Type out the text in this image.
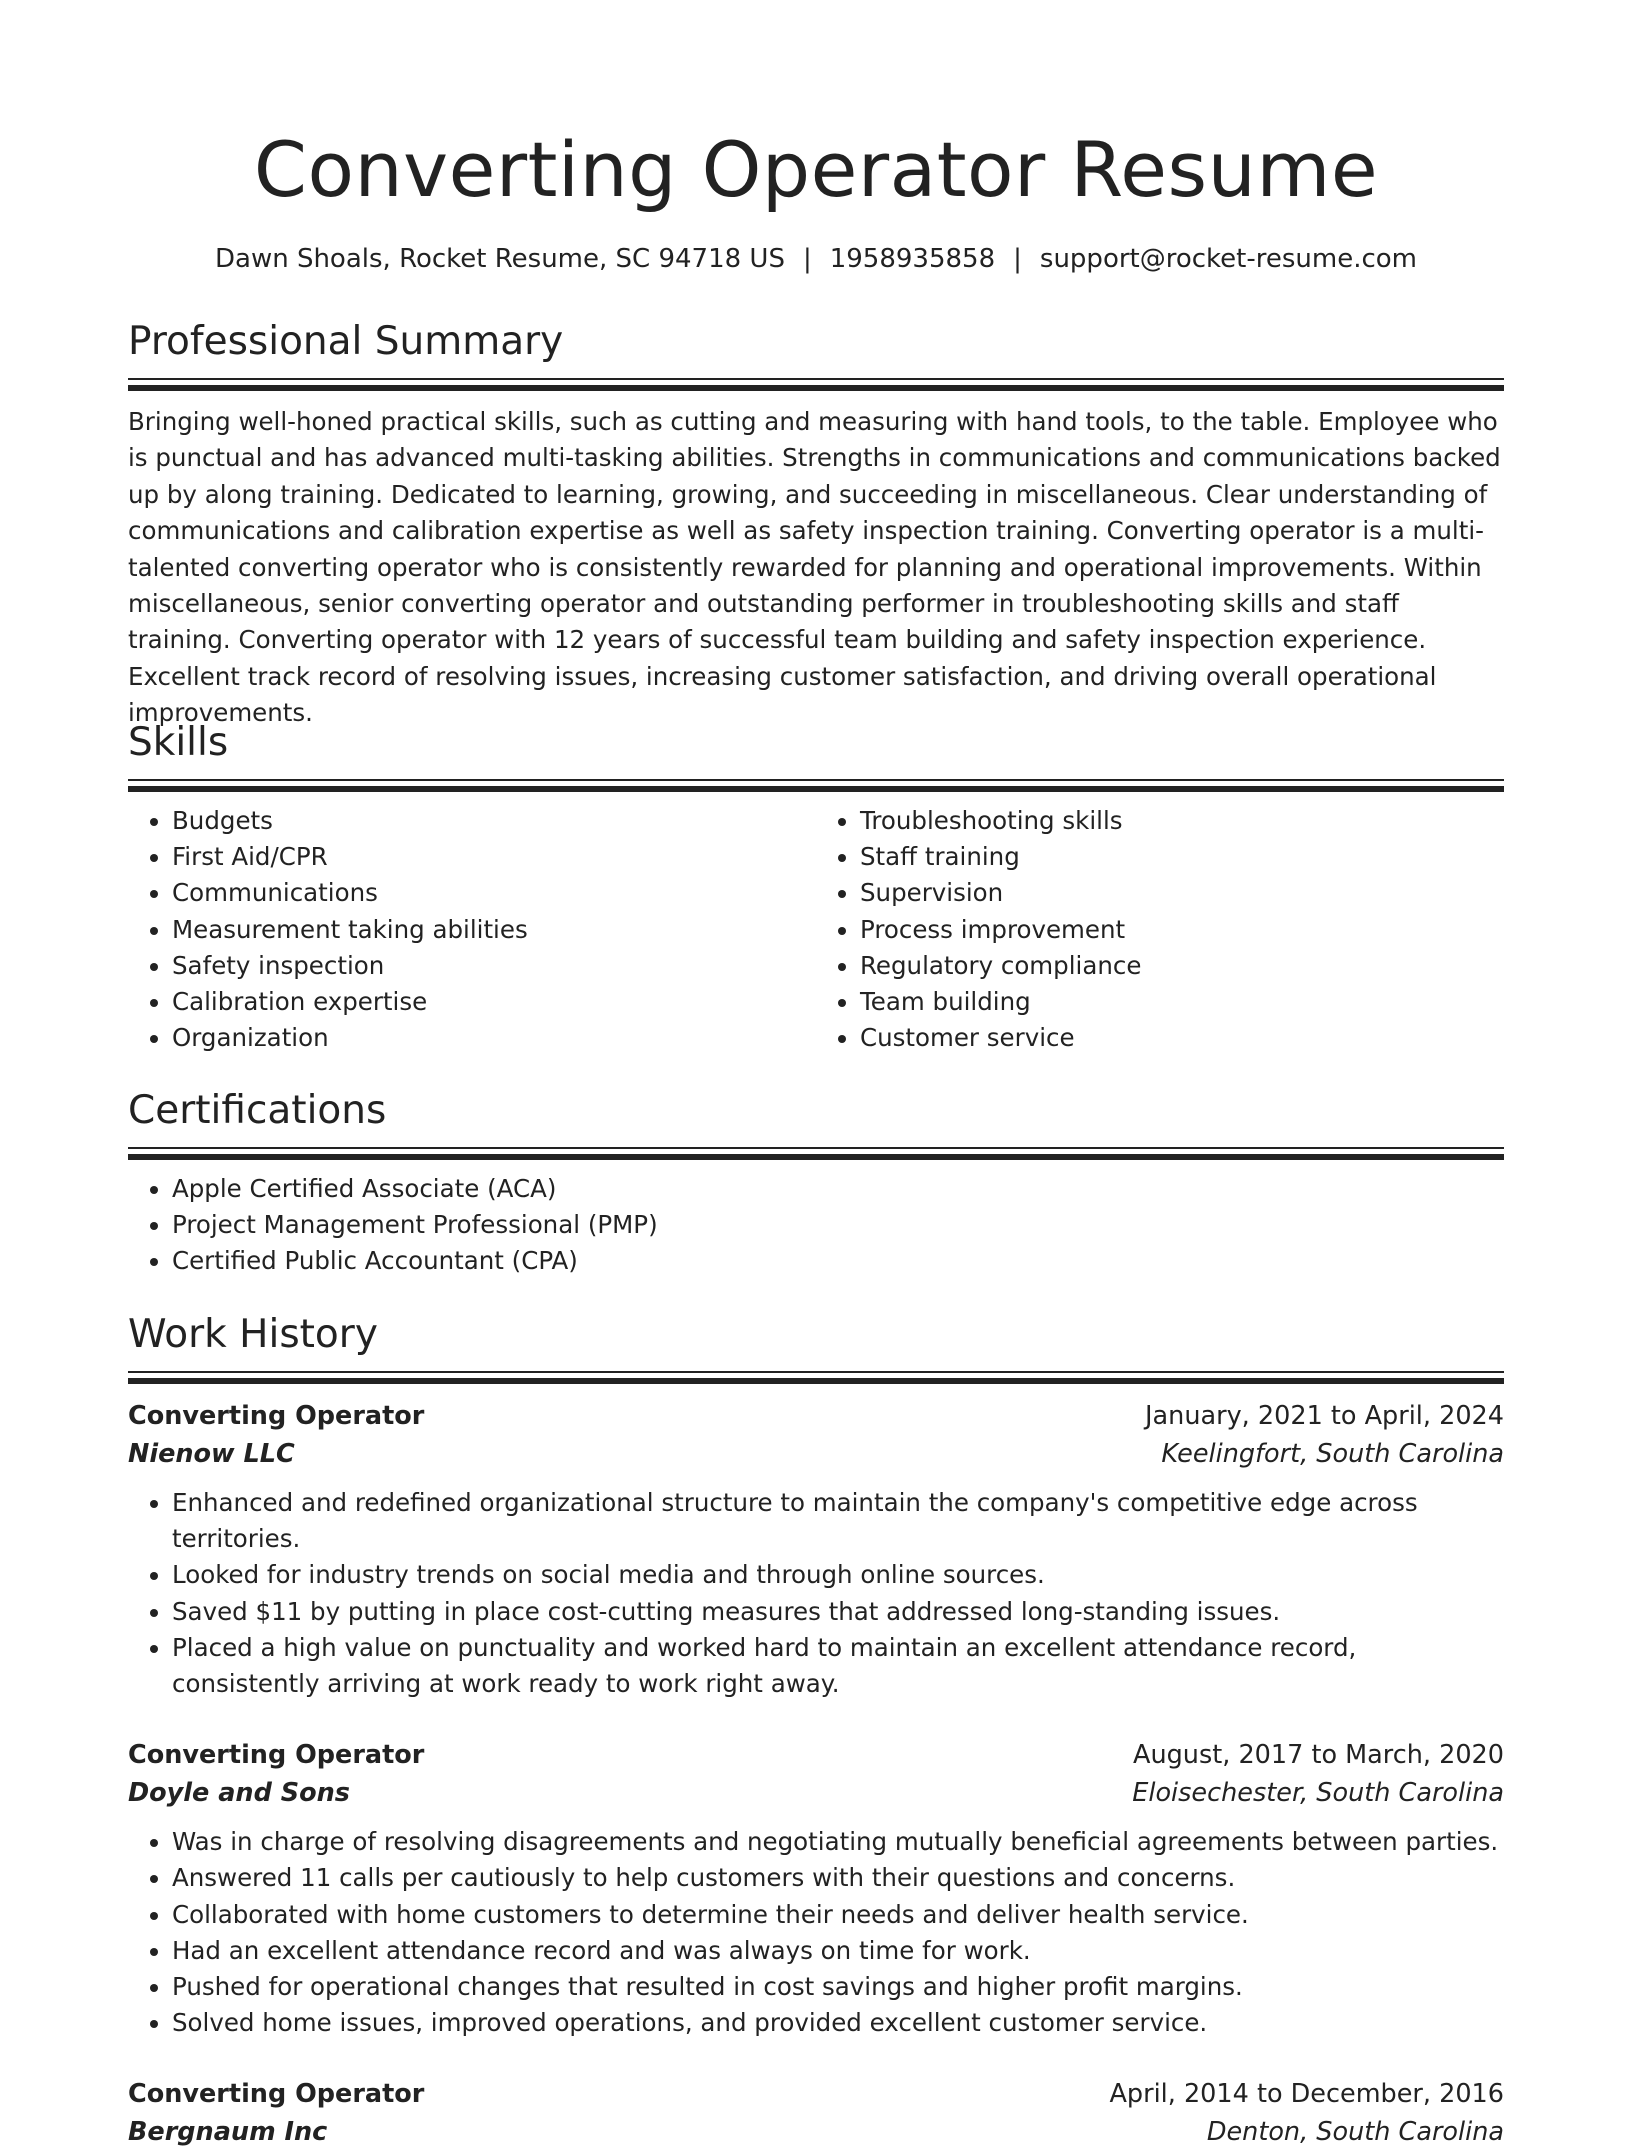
Converting Operator Resume
Dawn Shoals, Rocket Resume, SC 94718 US | 1958935858 | support@rocket-resume.com
Professional Summary
Bringing well-honed practical skills, such as cutting and measuring with hand tools, to the table. Employee who is punctual and has advanced multi-tasking abilities. Strengths in communications and communications backed up by along training. Dedicated to learning, growing, and succeeding in miscellaneous. Clear understanding of communications and calibration expertise as well as safety inspection training. Converting operator is a multi-talented converting operator who is consistently rewarded for planning and operational improvements. Within miscellaneous, senior converting operator and outstanding performer in troubleshooting skills and staff training. Converting operator with 12 years of successful team building and safety inspection experience. Excellent track record of resolving issues, increasing customer satisfaction, and driving overall operational improvements.
Skills
• Budgets
• First Aid/CPR
• Communications
• Measurement taking abilities
• Safety inspection
• Calibration expertise
• Organization
• Troubleshooting skills
• Staff training
• Supervision
• Process improvement
• Regulatory compliance
• Team building
• Customer service
Certifications
• Apple Certified Associate (ACA)
• Project Management Professional (PMP)
• Certified Public Accountant (CPA)
Work History
Converting Operator	January, 2021 to April, 2024
Nienow LLC	Keelingfort, South Carolina
• Enhanced and redefined organizational structure to maintain the company's competitive edge across territories.
• Looked for industry trends on social media and through online sources.
• Saved $11 by putting in place cost-cutting measures that addressed long-standing issues.
• Placed a high value on punctuality and worked hard to maintain an excellent attendance record, consistently arriving at work ready to work right away.
Converting Operator	August, 2017 to March, 2020
Doyle and Sons	Eloisechester, South Carolina
• Was in charge of resolving disagreements and negotiating mutually beneficial agreements between parties.
• Answered 11 calls per cautiously to help customers with their questions and concerns.
• Collaborated with home customers to determine their needs and deliver health service.
• Had an excellent attendance record and was always on time for work.
• Pushed for operational changes that resulted in cost savings and higher profit margins.
• Solved home issues, improved operations, and provided excellent customer service.
Converting Operator	April, 2014 to December, 2016
Bergnaum Inc	Denton, South Carolina
